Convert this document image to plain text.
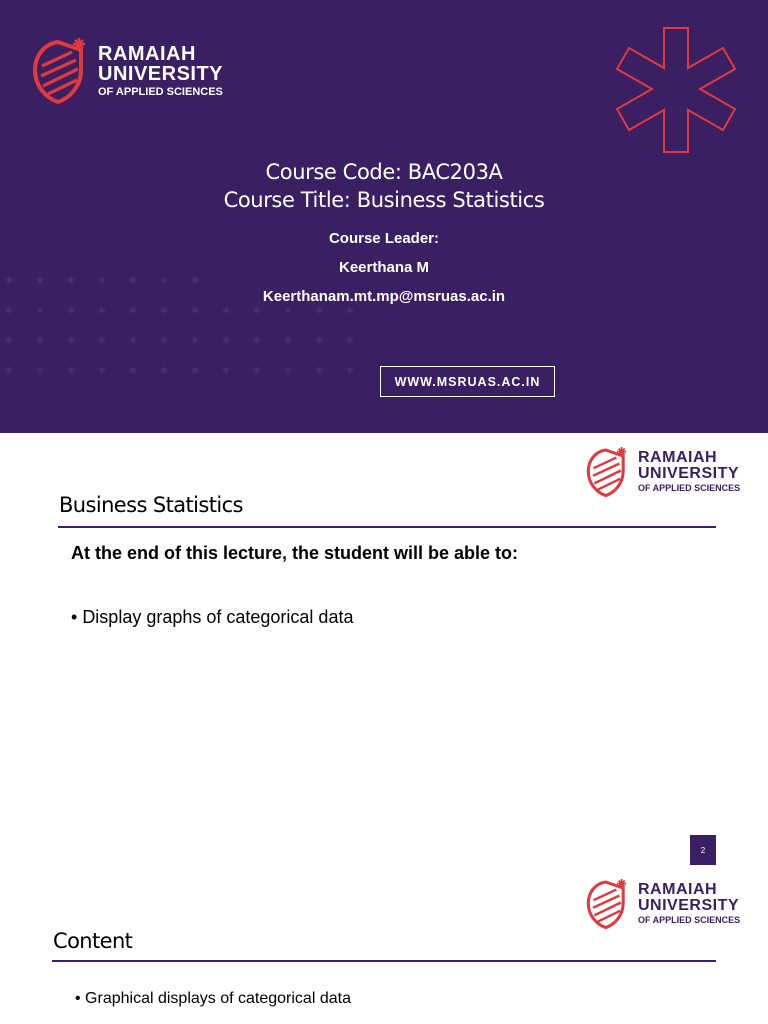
* * * * * * *
* * * * * * * * * * * *
* * * * * * * * * * * *
* * * * * * * * * * * *
RAMAIAH
UNIVERSITY
OF APPLIED SCIENCES
Course Code: BAC203A
Course Title: Business Statistics
Course Leader:
Keerthana M
Keerthanam.mt.mp@msruas.ac.in
WWW.MSRUAS.AC.IN
RAMAIAH
UNIVERSITY
OF APPLIED SCIENCES
Business Statistics
At the end of this lecture, the student will be able to:
• Display graphs of categorical data
2
RAMAIAH
UNIVERSITY
OF APPLIED SCIENCES
Content
• Graphical displays of categorical data
